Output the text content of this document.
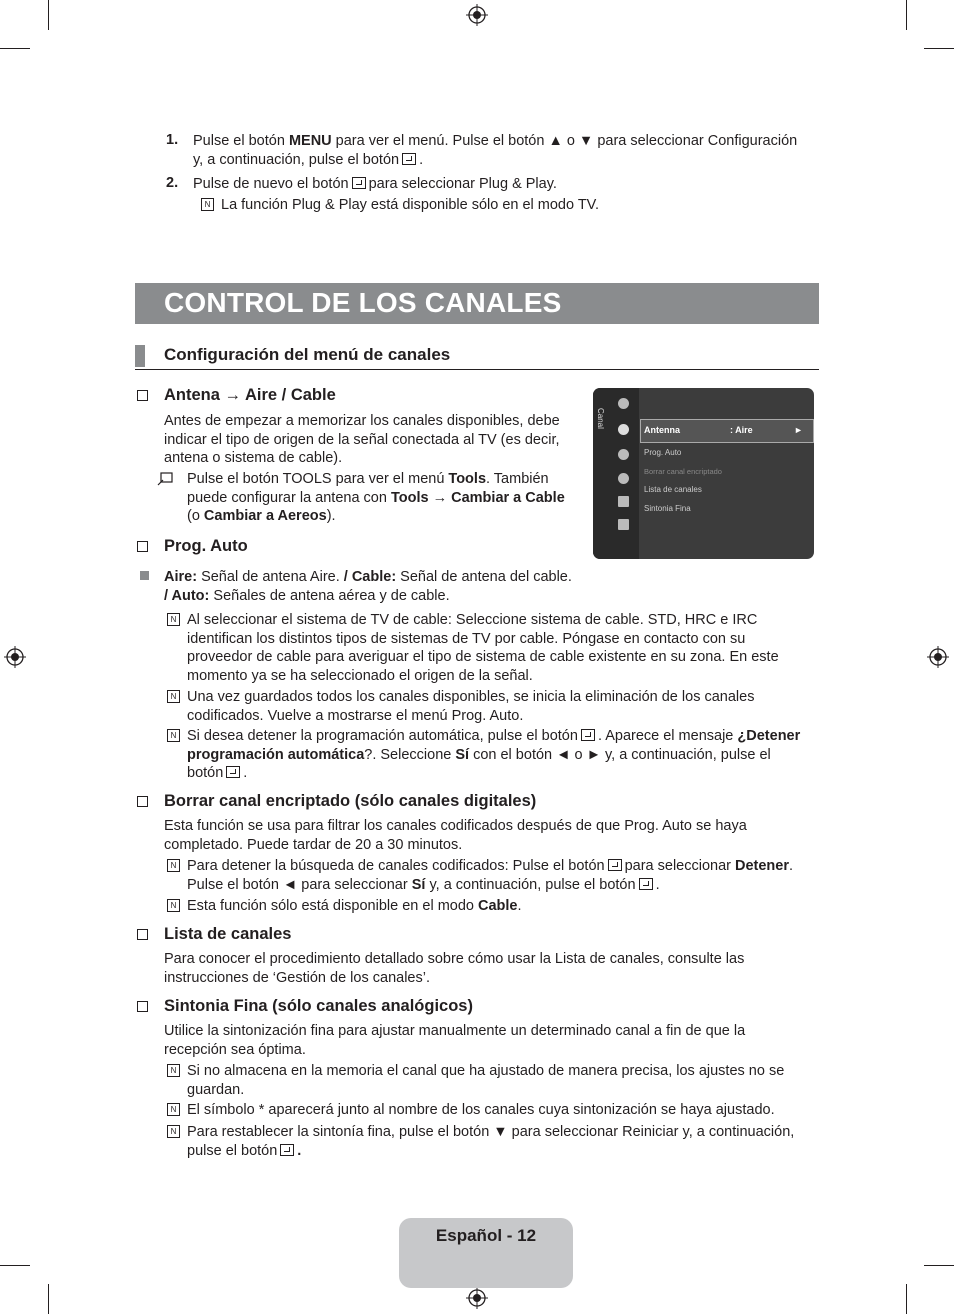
1. Pulse el botón MENU para ver el menú. Pulse el botón ▲ o ▼ para seleccionar Configuración
y, a continuación, pulse el botón .
2. Pulse de nuevo el botón para seleccionar Plug & Play.
N La función Plug & Play está disponible sólo en el modo TV.
CONTROL DE LOS CANALES
Configuración del menú de canales
Antena → Aire / Cable
Antes de empezar a memorizar los canales disponibles, debe
indicar el tipo de origen de la señal conectada al TV (es decir,
antena o sistema de cable).
Pulse el botón TOOLS para ver el menú Tools. También
puede configurar la antena con Tools → Cambiar a Cable
(o Cambiar a Aereos).
Canal
Antenna	: Aire	►
Prog. Auto
Borrar canal encriptado
Lista de canales
Sintonia Fina
Prog. Auto
Aire: Señal de antena Aire. / Cable: Señal de antena del cable.
/ Auto: Señales de antena aérea y de cable.
N Al seleccionar el sistema de TV de cable: Seleccione sistema de cable. STD, HRC e IRC
identifican los distintos tipos de sistemas de TV por cable. Póngase en contacto con su
proveedor de cable para averiguar el tipo de sistema de cable existente en su zona. En este
momento ya se ha seleccionado el origen de la señal.
N Una vez guardados todos los canales disponibles, se inicia la eliminación de los canales
codificados. Vuelve a mostrarse el menú Prog. Auto.
N Si desea detener la programación automática, pulse el botón . Aparece el mensaje ¿Detener
programación automática?. Seleccione Sí con el botón ◄ o ► y, a continuación, pulse el
botón .
Borrar canal encriptado (sólo canales digitales)
Esta función se usa para filtrar los canales codificados después de que Prog. Auto se haya
completado. Puede tardar de 20 a 30 minutos.
N Para detener la búsqueda de canales codificados: Pulse el botón para seleccionar Detener.
Pulse el botón ◄ para seleccionar Sí y, a continuación, pulse el botón .
N Esta función sólo está disponible en el modo Cable.
Lista de canales
Para conocer el procedimiento detallado sobre cómo usar la Lista de canales, consulte las
instrucciones de ‘Gestión de los canales’.
Sintonia Fina (sólo canales analógicos)
Utilice la sintonización fina para ajustar manualmente un determinado canal a fin de que la
recepción sea óptima.
N Si no almacena en la memoria el canal que ha ajustado de manera precisa, los ajustes no se
guardan.
N El símbolo * aparecerá junto al nombre de los canales cuya sintonización se haya ajustado.
N Para restablecer la sintonía fina, pulse el botón ▼ para seleccionar Reiniciar y, a continuación,
pulse el botón .
Español - 12
